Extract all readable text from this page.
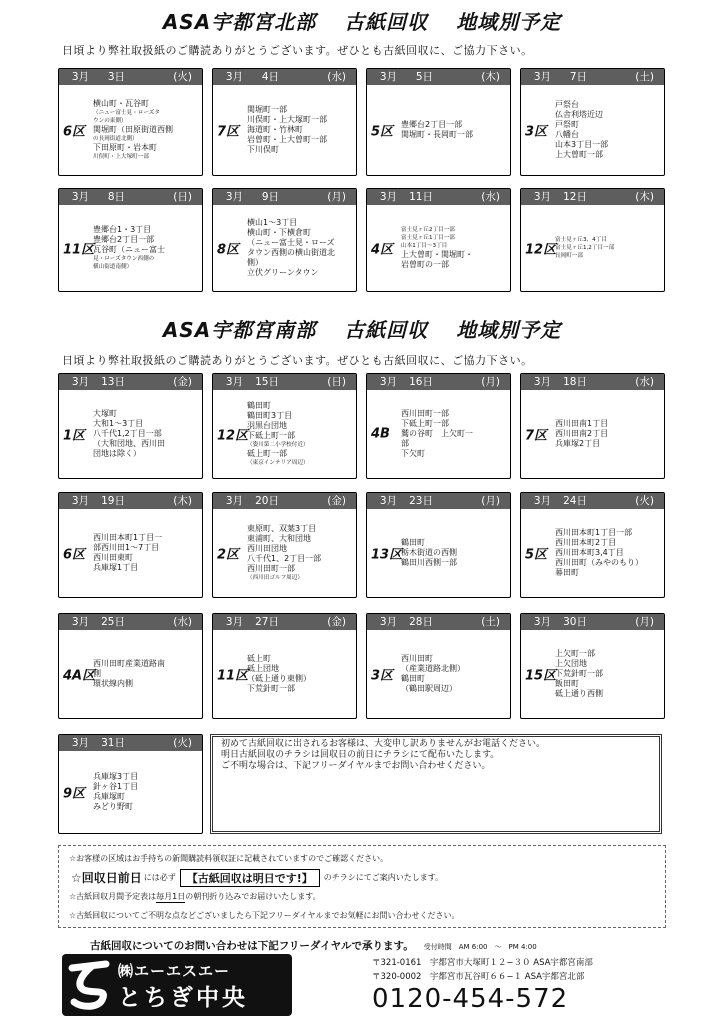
ASA宇都宮北部 古紙回収 地域別予定
日頃より弊社取扱紙のご購読ありがとうございます。ぜひとも古紙回収に、ご協力下さい。
ASA宇都宮南部 古紙回収 地域別予定
日頃より弊社取扱紙のご購読ありがとうございます。ぜひとも古紙回収に、ご協力下さい。
3月	3日	(火)
6区
横山町・瓦谷町
（ニュー富士見・ローズタ
ウンの東側）
関堀町（田原街道西側
の長岡街道北側）
下田原町・岩本町
川俣町・上大塚町一部
3月	4日	(水)
7区
関堀町一部
川俣町・上大塚町一部
海道町・竹林町
岩曽町・上大曽町一部
下川俣町
3月	5日	(木)
5区 豊郷台2丁目一部
関堀町・長岡町一部
3月	7日	(土)
3区
戸祭台
仏舎利塔近辺
戸祭町
八幡台
山本3丁目一部
上大曽町一部
3月	8日	(日)
11区
豊郷台1・3丁目
豊郷台2丁目一部
瓦谷町（ニュー富士
見・ローズタウン西側の
横山街道南側）
3月	9日	(月)
8区
横山1〜3丁目
横山町・下横倉町
（ニュー富士見・ローズ
タウン西側の横山街道北
側）
立伏グリーンタウン
3月	11日	(水)
4区
富士見ヶ丘2丁目一部
富士見ヶ丘1丁目一部
山本1丁目〜3丁目
上大曽町・関堀町・
岩曽町の一部
3月	12日	(木)
12区
富士見ヶ丘3、4丁目
富士見ヶ丘1,2丁目一部
長岡町一部
3月	13日	(金)
1区
大塚町
大和1〜3丁目
八千代1,2丁目一部
（大和団地、西川田
団地は除く）
3月	15日	(日)
12区
鶴田町
鶴田町3丁目
羽黒台団地
下砥上町一部
（姿川第二小学校付近）
砥上町一部
（東京インテリア周辺）
3月	16日	(月)
4B
西川田町一部
下砥上町一部
鷲の谷町　上欠町一
部
下欠町
3月	18日	(水)
7区
西川田南1丁目
西川田南2丁目
兵庫塚2丁目
3月	19日	(木)
6区
西川田本町1丁目一
部西川田1〜7丁目
西川田東町
兵庫塚1丁目
3月	20日	(金)
2区
東原町、双葉3丁目
東浦町、大和団地
西川田団地
八千代1、2丁目一部
西川田町一部
（西川田ゴルフ周辺）
3月	23日	(月)
13区
鶴田町
栃木街道の西側
鶴田川西側一部
3月	24日	(火)
5区
西川田本町1丁目一部
西川田本町2丁目
西川田本町3,4丁目
西川田町（みやのもり）
幕田町
3月	25日	(水)
4A区
西川田町産業道路南
側
環状線内側
3月	27日	(金)
11区
砥上町
砥上団地
（砥上通り東側）
下荒針町一部
3月	28日	(土)
3区
西川田町
（産業道路北側）
鶴田町
（鶴田駅周辺）
3月	30日	(月)
15区
上欠町一部
上欠団地
下荒針町一部
飯田町
砥上通り西側
3月	31日	(火)
9区
兵庫塚3丁目
針ヶ谷1丁目
兵庫塚町
みどり野町
初めて古紙回収に出されるお客様は、大変申し訳ありませんがお電話ください。
明日古紙回収のチラシは回収日の前日にチラシにて配布いたします。
ご不明な場合は、下記フリーダイヤルまでお問い合わせください。
☆お客様の区域はお手持ちの新聞購読料領収証に記載されていますのでご確認ください。
☆回収日前日 には必ず	【古紙回収は明日です!】	のチラシにてご案内いたします。
☆古紙回収月間予定表は 毎月1日 の朝刊折り込みでお届けいたします。
☆古紙回収についてご不明な点などございましたら下記フリーダイヤルまでお気軽にお問い合わせください。
古紙回収についてのお問い合わせは下記フリーダイヤルで承ります。 受付時間　AM 6:00　〜　PM 4:00
㈱エーエスエー
とちぎ中央
〒321-0161　宇都宮市大塚町１２−３０ ASA宇都宮南部
〒320-0002　宇都宮市瓦谷町６６−１ ASA宇都宮北部
0120-454-572
